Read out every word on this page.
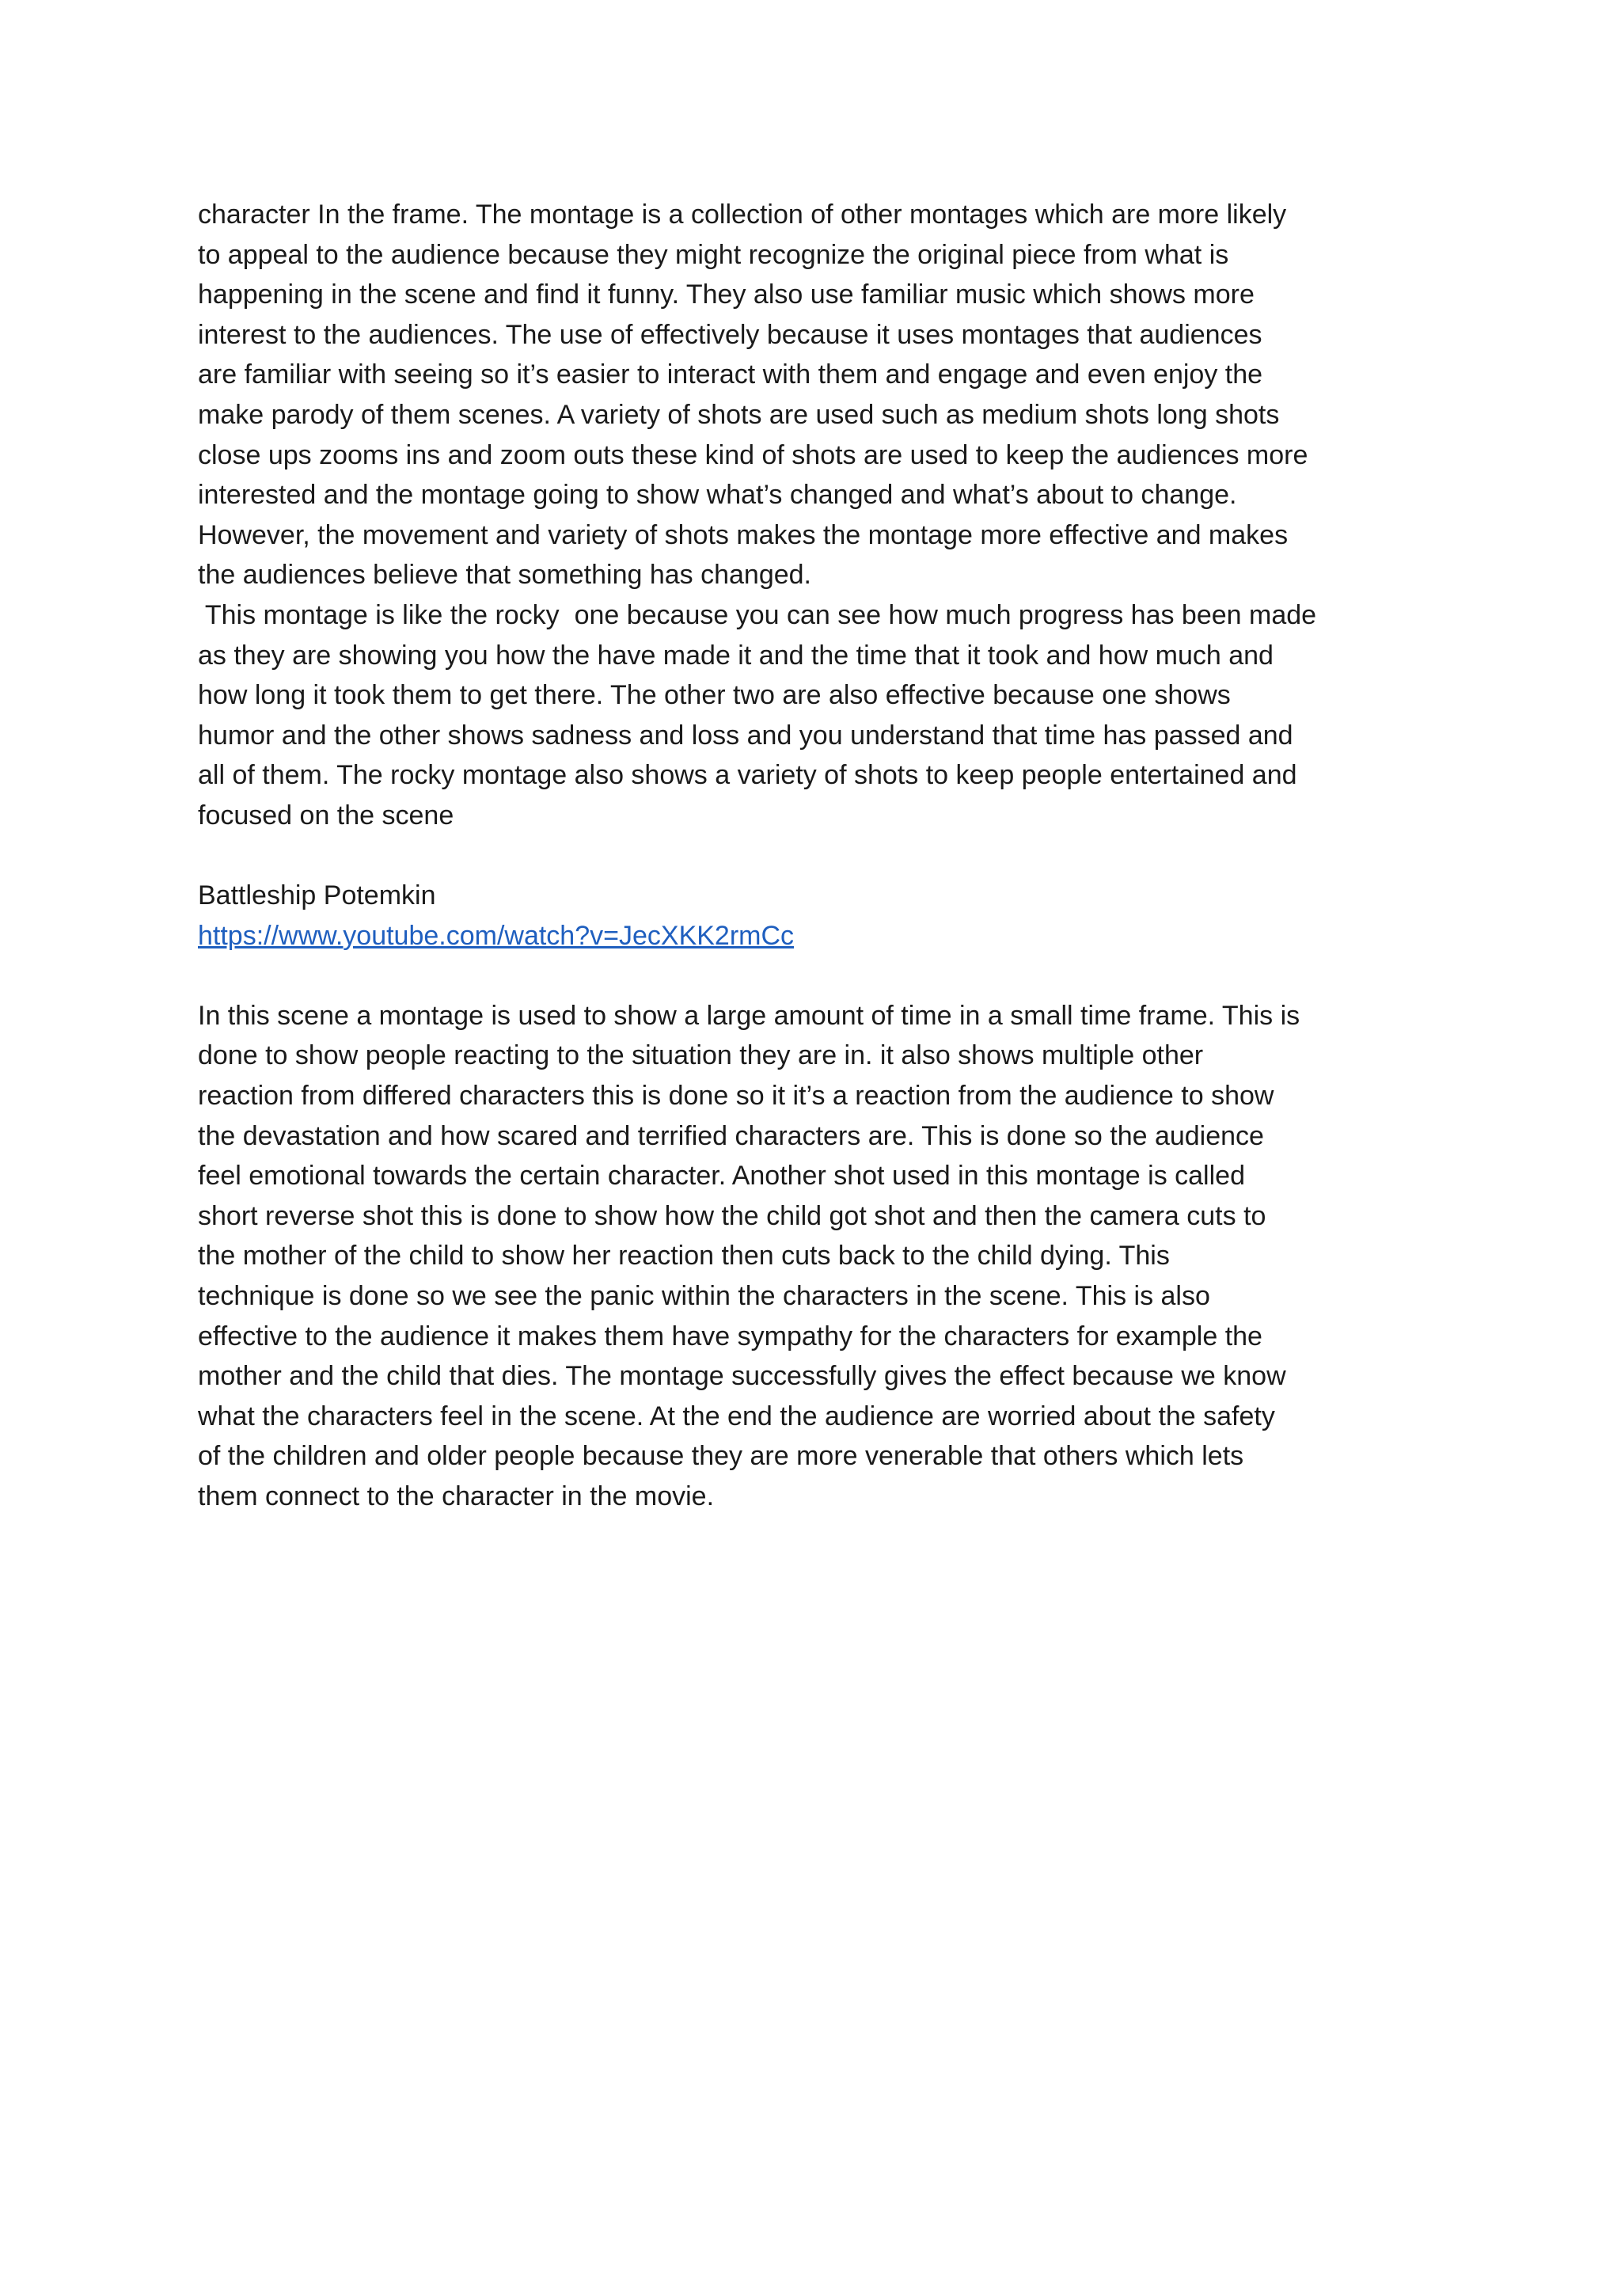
character In the frame. The montage is a collection of other montages which are more likely
to appeal to the audience because they might recognize the original piece from what is
happening in the scene and find it funny. They also use familiar music which shows more
interest to the audiences. The use of effectively because it uses montages that audiences
are familiar with seeing so it’s easier to interact with them and engage and even enjoy the
make parody of them scenes. A variety of shots are used such as medium shots long shots
close ups zooms ins and zoom outs these kind of shots are used to keep the audiences more
interested and the montage going to show what’s changed and what’s about to change.
However, the movement and variety of shots makes the montage more effective and makes
the audiences believe that something has changed.
This montage is like the rocky  one because you can see how much progress has been made
as they are showing you how the have made it and the time that it took and how much and
how long it took them to get there. The other two are also effective because one shows
humor and the other shows sadness and loss and you understand that time has passed and
all of them. The rocky montage also shows a variety of shots to keep people entertained and
focused on the scene
Battleship Potemkin
https://www.youtube.com/watch?v=JecXKK2rmCc
In this scene a montage is used to show a large amount of time in a small time frame. This is
done to show people reacting to the situation they are in. it also shows multiple other
reaction from differed characters this is done so it it’s a reaction from the audience to show
the devastation and how scared and terrified characters are. This is done so the audience
feel emotional towards the certain character. Another shot used in this montage is called
short reverse shot this is done to show how the child got shot and then the camera cuts to
the mother of the child to show her reaction then cuts back to the child dying. This
technique is done so we see the panic within the characters in the scene. This is also
effective to the audience it makes them have sympathy for the characters for example the
mother and the child that dies. The montage successfully gives the effect because we know
what the characters feel in the scene. At the end the audience are worried about the safety
of the children and older people because they are more venerable that others which lets
them connect to the character in the movie.
